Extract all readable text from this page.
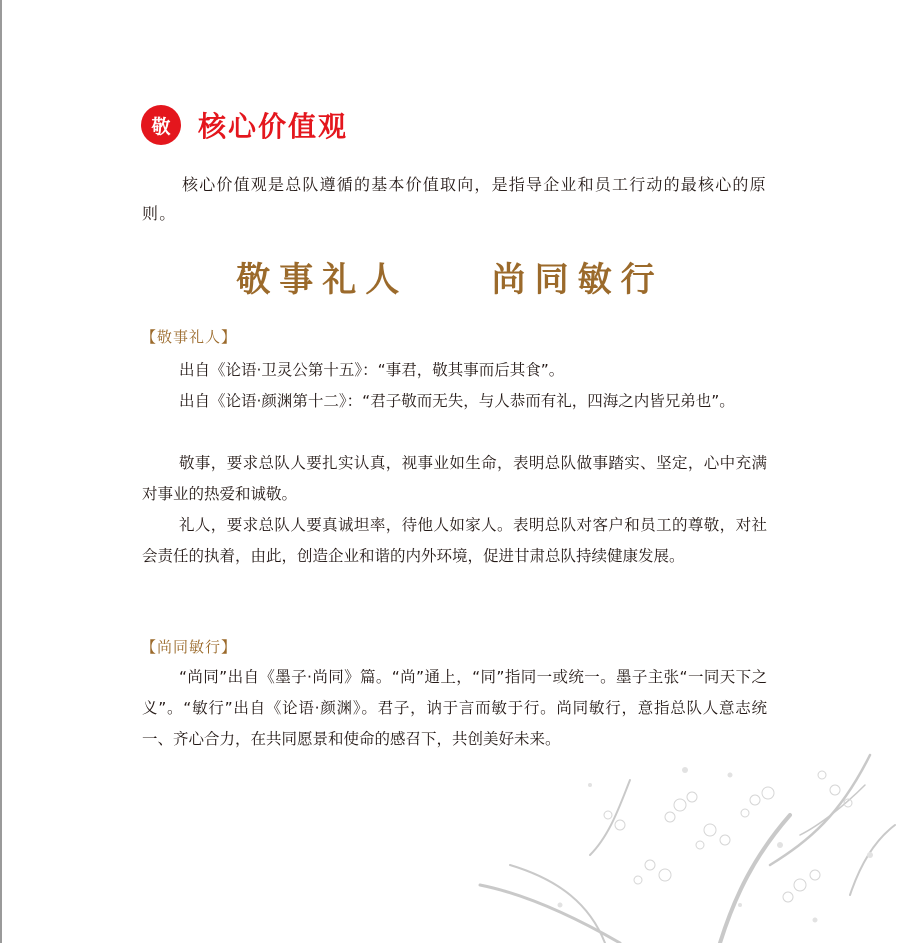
敬 核心价值观

核心价值观是总队遵循的基本价值取向，是指导企业和员工行动的最核心的原则。

敬事礼人    尚同敏行
【敬事礼人】

出自《论语·卫灵公第十五》：“事君，敬其事而后其食”。

出自《论语·颜渊第十二》：“君子敬而无失，与人恭而有礼，四海之内皆兄弟也”。

敬事，要求总队人要扎实认真，视事业如生命，表明总队做事踏实、坚定，心中充满对事业的热爱和诚敬。

礼人，要求总队人要真诚坦率，待他人如家人。表明总队对客户和员工的尊敬，对社会责任的执着，由此，创造企业和谐的内外环境，促进甘肃总队持续健康发展。

【尚同敏行】

“尚同”出自《墨子·尚同》篇。“尚”通上，“同”指同一或统一。墨子主张“一同天下之义”。“敏行”出自《论语·颜渊》。君子，讷于言而敏于行。尚同敏行，意指总队人意志统一、齐心合力，在共同愿景和使命的感召下，共创美好未来。
